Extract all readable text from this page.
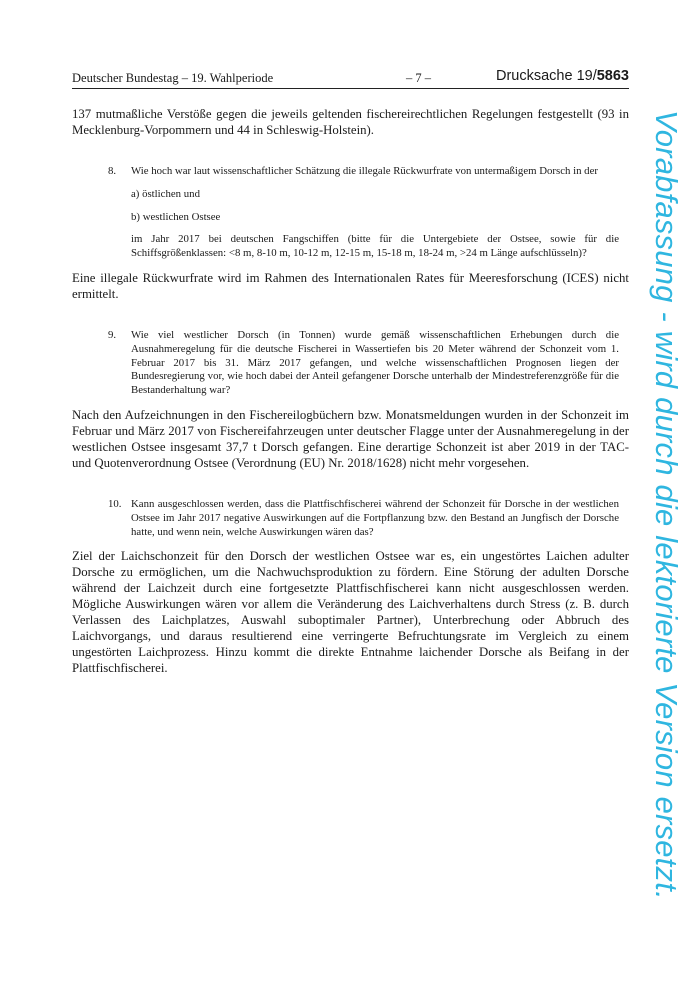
Deutscher Bundestag – 19. Wahlperiode	– 7 –	Drucksache 19/5863

137 mutmaßliche Verstöße gegen die jeweils geltenden fischereirechtlichen Regelungen festgestellt (93 in Mecklenburg-Vorpommern und 44 in Schleswig-Holstein).

8. Wie hoch war laut wissenschaftlicher Schätzung die illegale Rückwurfrate von untermaßigem Dorsch in der

a) östlichen und

b) westlichen Ostsee

im Jahr 2017 bei deutschen Fangschiffen (bitte für die Untergebiete der Ostsee, sowie für die Schiffsgrößenklassen: <8 m, 8-10 m, 10-12 m, 12-15 m, 15-18 m, 18-24 m, >24 m Länge aufschlüsseln)?

Eine illegale Rückwurfrate wird im Rahmen des Internationalen Rates für Meeresforschung (ICES) nicht ermittelt.

9. Wie viel westlicher Dorsch (in Tonnen) wurde gemäß wissenschaftlichen Erhebungen durch die Ausnahmeregelung für die deutsche Fischerei in Wassertiefen bis 20 Meter während der Schonzeit vom 1. Februar 2017 bis 31. März 2017 gefangen, und welche wissenschaftlichen Prognosen liegen der Bundesregierung vor, wie hoch dabei der Anteil gefangener Dorsche unterhalb der Mindestreferenzgröße für die Bestanderhaltung war?

Nach den Aufzeichnungen in den Fischereilogbüchern bzw. Monatsmeldungen wurden in der Schonzeit im Februar und März 2017 von Fischereifahrzeugen unter deutscher Flagge unter der Ausnahmeregelung in der westlichen Ostsee insgesamt 37,7 t Dorsch gefangen. Eine derartige Schonzeit ist aber 2019 in der TAC- und Quotenverordnung Ostsee (Verordnung (EU) Nr. 2018/1628) nicht mehr vorgesehen.

10. Kann ausgeschlossen werden, dass die Plattfischfischerei während der Schonzeit für Dorsche in der westlichen Ostsee im Jahr 2017 negative Auswirkungen auf die Fortpflanzung bzw. den Bestand an Jungfisch der Dorsche hatte, und wenn nein, welche Auswirkungen wären das?

Ziel der Laichschonzeit für den Dorsch der westlichen Ostsee war es, ein ungestörtes Laichen adulter Dorsche zu ermöglichen, um die Nachwuchsproduktion zu fördern. Eine Störung der adulten Dorsche während der Laichzeit durch eine fortgesetzte Plattfischfischerei kann nicht ausgeschlossen werden. Mögliche Auswirkungen wären vor allem die Veränderung des Laichverhaltens durch Stress (z. B. durch Verlassen des Laichplatzes, Auswahl suboptimaler Partner), Unterbrechung oder Abbruch des Laichvorgangs, und daraus resultierend eine verringerte Befruchtungsrate im Vergleich zu einem ungestörten Laichprozess. Hinzu kommt die direkte Entnahme laichender Dorsche als Beifang in der Plattfischfischerei.	Vorabfassung - wird durch die lektorierte Version ersetzt.
